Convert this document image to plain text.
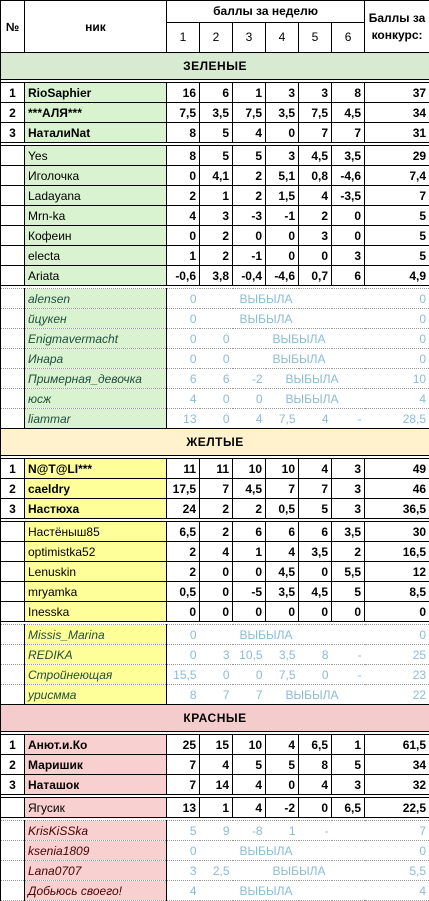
№	ник	баллы за неделю						Баллы за конкурс:
		1	2	3	4	5	6	
ЗЕЛЕНЫЕ								

1	RioSaphier	16	6	1	3	3	8	37
2	***АЛЯ***	7,5	3,5	7,5	3,5	7,5	4,5	34
3	НаталиNat	8	5	4	0	7	7	31

	Yes	8	5	5	3	4,5	3,5	29
	Иголочка	0	4,1	2	5,1	0,8	-4,6	7,4
	Ladayana	2	1	2	1,5	4	-3,5	7
	Mrn-ka	4	3	-3	-1	2	0	5
	Кофеин	0	2	0	0	3	0	5
	electa	1	2	-1	0	0	3	5
	Ariata	-0,6	3,8	-0,4	-4,6	0,7	6	4,9

	alensen	0	ВЫБЫЛА					0
	йцукен	0	ВЫБЫЛА					0
	Enigmavermacht	0	0	ВЫБЫЛА				0
	Инара	0	0	ВЫБЫЛА				0
	Примерная_девочка	6	6	-2	ВЫБЫЛА			10
	юсж	4	0	0	ВЫБЫЛА			4
	liammar	13	0	4	7,5	4	-	28,5
ЖЕЛТЫЕ								

1	N@T@LI***	11	11	10	10	4	3	49
2	caeldry	17,5	7	4,5	7	7	3	46
3	Настюха	24	2	2	0,5	5	3	36,5

	Настёныш85	6,5	2	6	6	6	3,5	30
	optimistka52	2	4	1	4	3,5	2	16,5
	Lenuskin	2	0	0	4,5	0	5,5	12
	mryamka	0,5	0	-5	3,5	4,5	5	8,5
	Inesska	0	0	0	0	0	0	0

	Missis_Marina	0	ВЫБЫЛА					0
	REDIKA	0	3	10,5	3,5	8	-	25
	Стройнеющая	15,5	0	0	7,5	0	-	23
	урисмма	8	7	7	ВЫБЫЛА			22
КРАСНЫЕ								

1	Анют.и.Ко	25	15	10	4	6,5	1	61,5
2	Маришик	7	4	5	5	8	5	34
3	Наташок	7	14	4	0	4	3	32

	Ягусик	13	1	4	-2	0	6,5	22,5

	KrisKiSSka	5	9	-8	1	-		7
	ksenia1809	0	ВЫБЫЛА					0
	Lana0707	3	2,5	ВЫБЫЛА				5,5
	Добьюсь своего!	4	ВЫБЫЛА					4
